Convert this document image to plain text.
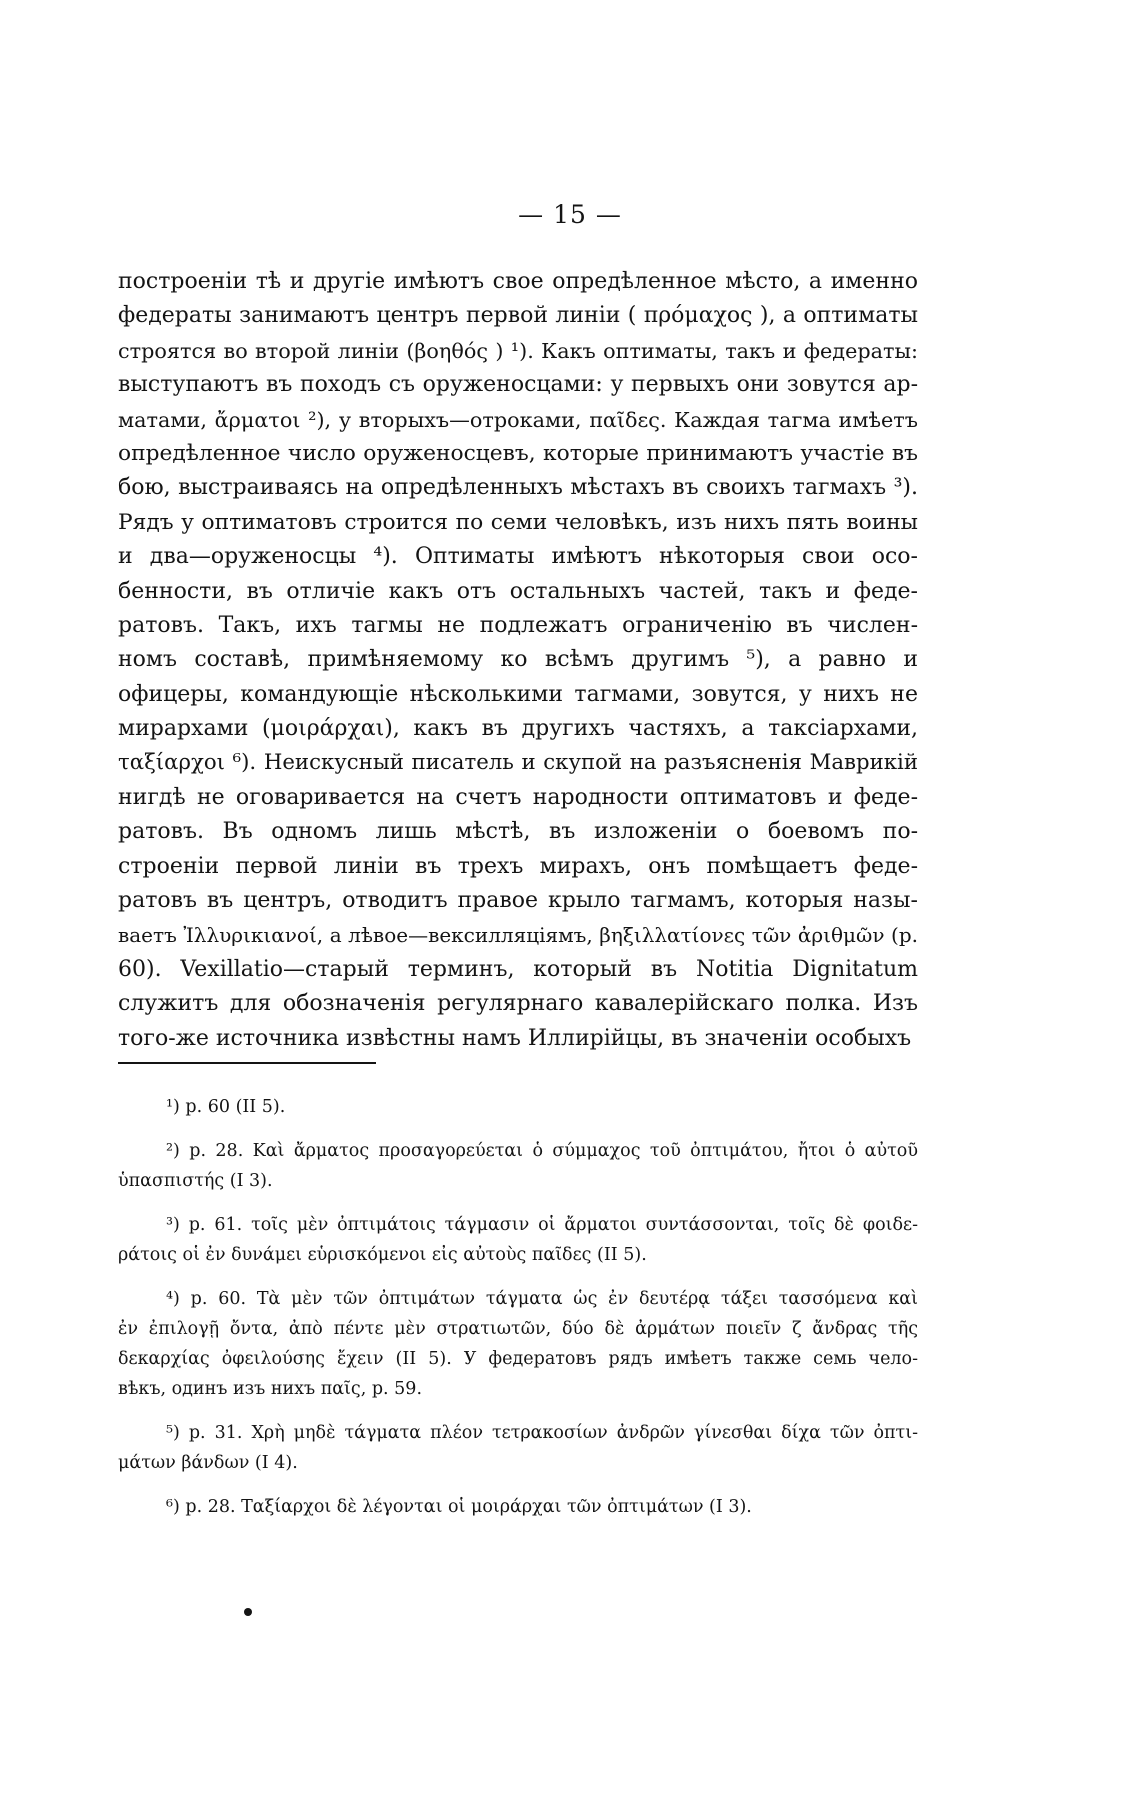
— 15 —
построеніи тѣ и другіе имѣютъ свое опредѣленное мѣсто, а именно
федераты занимаютъ центръ первой линіи ( πρόμαχος ), а оптиматы
строятся во второй линіи (βοηθός ) ¹). Какъ оптиматы, такъ и федераты:
выступаютъ въ походъ съ оруженосцами: у первыхъ они зовутся ар-
матами, ἄρματοι ²), у вторыхъ—отроками, παῖδες. Каждая тагма имѣетъ
опредѣленное число оруженосцевъ, которые принимаютъ участіе въ
бою, выстраиваясь на опредѣленныхъ мѣстахъ въ своихъ тагмахъ ³).
Рядъ у оптиматовъ строится по семи человѣкъ, изъ нихъ пять воины
и два—оруженосцы ⁴). Оптиматы имѣютъ нѣкоторыя свои осо-
бенности, въ отличіе какъ отъ остальныхъ частей, такъ и феде-
ратовъ. Такъ, ихъ тагмы не подлежатъ ограниченію въ числен-
номъ составѣ, примѣняемому ко всѣмъ другимъ ⁵), а равно и
офицеры, командующіе нѣсколькими тагмами, зовутся, у нихъ не
мирархами (μοιράρχαι), какъ въ другихъ частяхъ, а таксіархами,
ταξίαρχοι ⁶). Неискусный писатель и скупой на разъясненія Маврикій
нигдѣ не оговаривается на счетъ народности оптиматовъ и феде-
ратовъ. Въ одномъ лишь мѣстѣ, въ изложеніи о боевомъ по-
строеніи первой линіи въ трехъ мирахъ, онъ помѣщаетъ феде-
ратовъ въ центръ, отводитъ правое крыло тагмамъ, которыя назы-
ваетъ Ἰλλυρικιανοί, а лѣвое—вексилляціямъ, βηξιλλατίονες τῶν ἀριθμῶν (p.
60). Vexillatio—старый терминъ, который въ Notitia Dignitatum
служитъ для обозначенія регулярнаго кавалерійскаго полка. Изъ
того-же источника извѣстны намъ Иллирійцы, въ значеніи особыхъ
¹) p. 60 (II 5).
²) p. 28. Καὶ ἄρματος προσαγορεύεται ὁ σύμμαχος τοῦ ὀπτιμάτου, ἤτοι ὁ αὐτοῦ
ὑπασπιστής (I 3).
³) p. 61. τοῖς μὲν ὀπτιμάτοις τάγμασιν οἱ ἄρματοι συντάσσονται, τοῖς δὲ φοιδε-
ράτοις οἱ ἐν δυνάμει εὑρισκόμενοι εἰς αὐτοὺς παῖδες (II 5).
⁴) p. 60. Τὰ μὲν τῶν ὀπτιμάτων τάγματα ὡς ἐν δευτέρᾳ τάξει τασσόμενα καὶ
ἐν ἐπιλογῇ ὄντα, ἀπὸ πέντε μὲν στρατιωτῶν, δύο δὲ ἀρμάτων ποιεῖν ζ ἄνδρας τῆς
δεκαρχίας ὀφειλούσης ἔχειν (II 5). У федератовъ рядъ имѣетъ также семь чело-
вѣкъ, одинъ изъ нихъ παῖς, p. 59.
⁵) p. 31. Χρὴ μηδὲ τάγματα πλέον τετρακοσίων ἀνδρῶν γίνεσθαι δίχα τῶν ὀπτι-
μάτων βάνδων (I 4).
⁶) p. 28. Ταξίαρχοι δὲ λέγονται οἱ μοιράρχαι τῶν ὀπτιμάτων (I 3).
